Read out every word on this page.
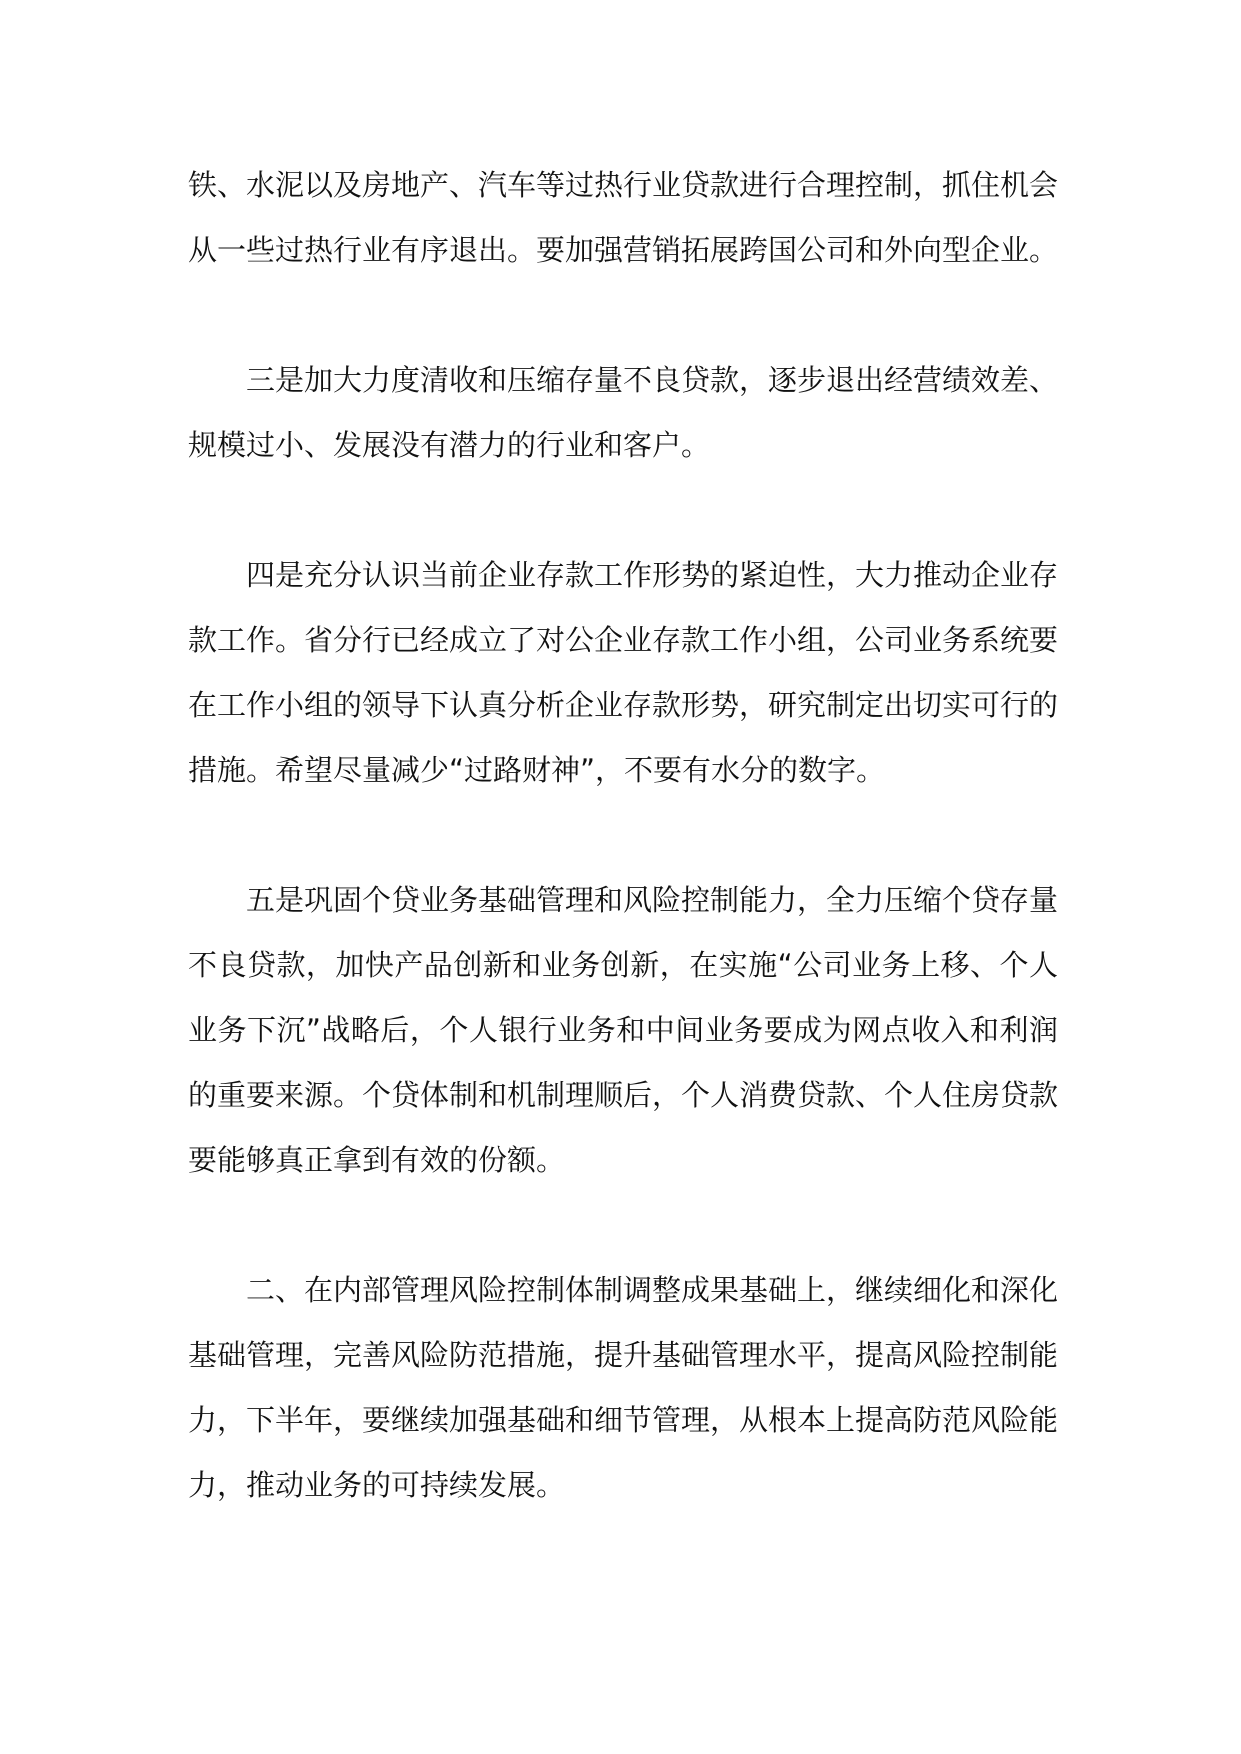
铁、水泥以及房地产、汽车等过热行业贷款进行合理控制，抓住机会从一些过热行业有序退出。要加强营销拓展跨国公司和外向型企业。

三是加大力度清收和压缩存量不良贷款，逐步退出经营绩效差、规模过小、发展没有潜力的行业和客户。

四是充分认识当前企业存款工作形势的紧迫性，大力推动企业存款工作。省分行已经成立了对公企业存款工作小组，公司业务系统要在工作小组的领导下认真分析企业存款形势，研究制定出切实可行的措施。希望尽量减少“过路财神”，不要有水分的数字。

五是巩固个贷业务基础管理和风险控制能力，全力压缩个贷存量不良贷款，加快产品创新和业务创新，在实施“公司业务上移、个人业务下沉”战略后，个人银行业务和中间业务要成为网点收入和利润的重要来源。个贷体制和机制理顺后，个人消费贷款、个人住房贷款要能够真正拿到有效的份额。

二、在内部管理风险控制体制调整成果基础上，继续细化和深化基础管理，完善风险防范措施，提升基础管理水平，提高风险控制能力，下半年，要继续加强基础和细节管理，从根本上提高防范风险能力，推动业务的可持续发展。
